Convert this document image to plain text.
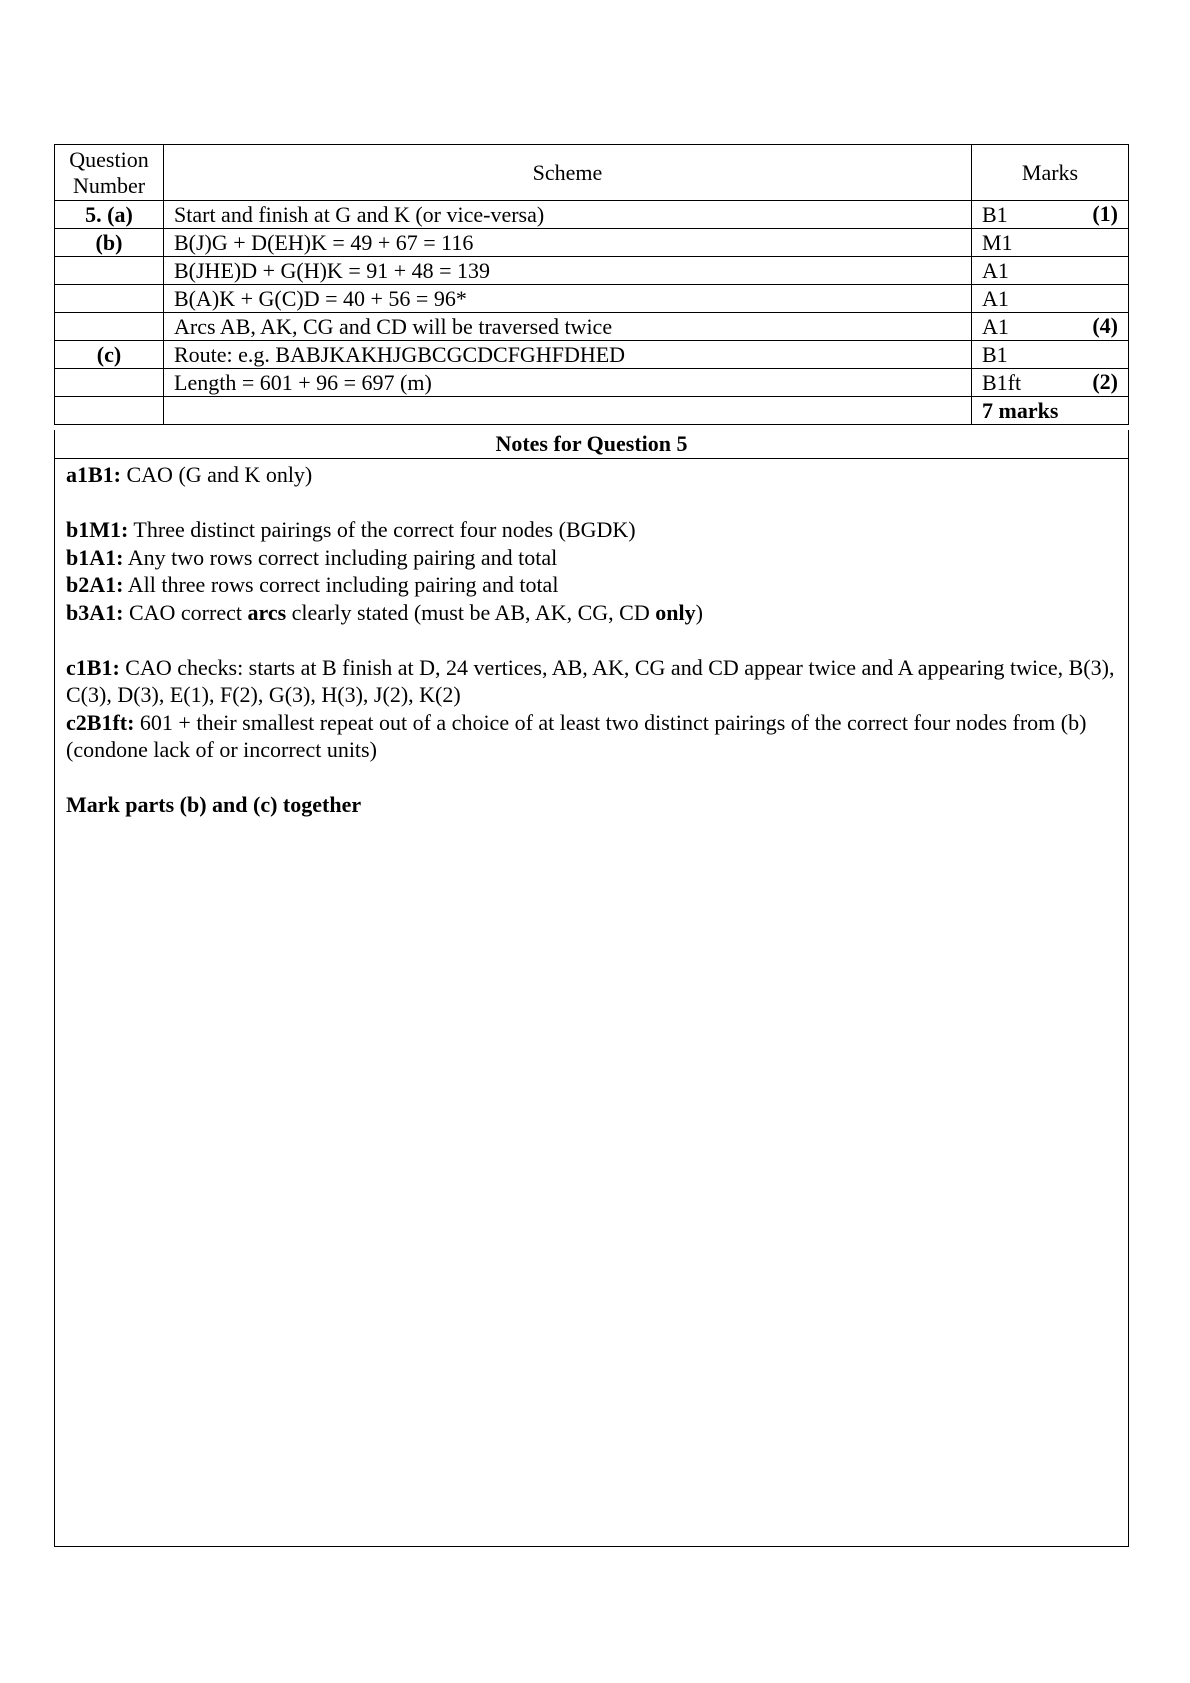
Question Number	Scheme	Marks
5. (a)	Start and finish at G and K (or vice-versa)	B1 (1)

(b)	B(J)G + D(EH)K = 49 + 67 = 116	M1

	B(JHE)D + G(H)K = 91 + 48 = 139	A1

	B(A)K + G(C)D = 40 + 56 = 96*	A1

	Arcs AB, AK, CG and CD will be traversed twice	A1 (4)

(c)	Route: e.g. BABJKAKHJGBCGCDCFGHFDHED	B1

	Length = 601 + 96 = 697 (m)	B1ft (2)

		7 marks
Notes for Question 5
a1B1: CAO (G and K only)
b1M1: Three distinct pairings of the correct four nodes (BGDK)
b1A1: Any two rows correct including pairing and total
b2A1: All three rows correct including pairing and total
b3A1: CAO correct arcs clearly stated (must be AB, AK, CG, CD only)
c1B1: CAO checks: starts at B finish at D, 24 vertices, AB, AK, CG and CD appear twice and A appearing twice, B(3), C(3), D(3), E(1), F(2), G(3), H(3), J(2), K(2)
c2B1ft: 601 + their smallest repeat out of a choice of at least two distinct pairings of the correct four nodes from (b) (condone lack of or incorrect units)
Mark parts (b) and (c) together
